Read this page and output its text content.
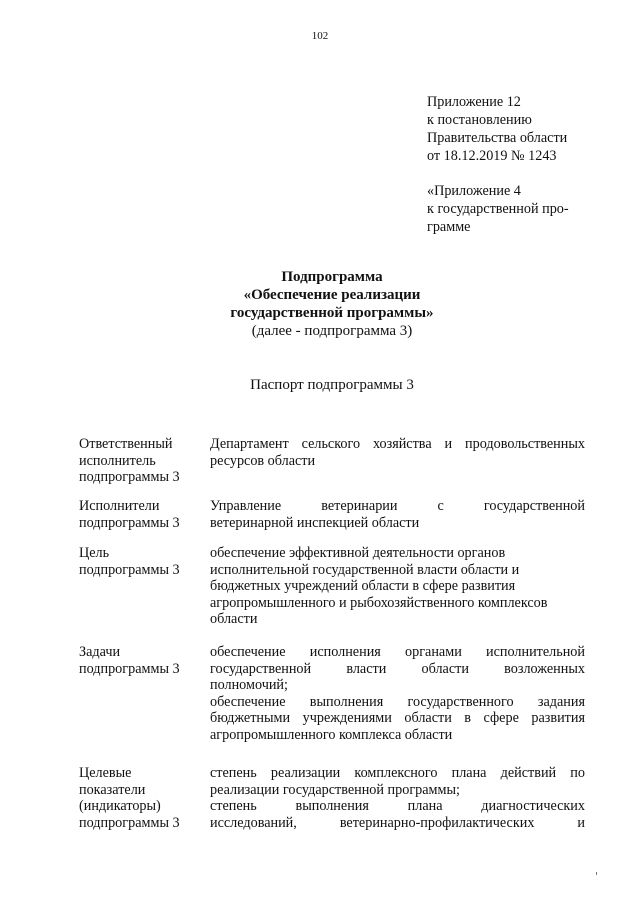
102
Приложение 12
к постановлению
Правительства области
от 18.12.2019 № 1243
«Приложение 4
к государственной про-
грамме
Подпрограмма
«Обеспечение реализации
государственной программы»
(далее - подпрограмма 3)
Паспорт подпрограммы 3
Ответственный
исполнитель
подпрограммы 3
Департамент сельского хозяйства и продовольственных
ресурсов области
Исполнители
подпрограммы 3
Управление ветеринарии с государственной
ветеринарной инспекцией области
Цель
подпрограммы 3
обеспечение эффективной деятельности органов
исполнительной государственной власти области и
бюджетных учреждений области в сфере развития
агропромышленного и рыбохозяйственного комплексов
области
Задачи
подпрограммы 3
обеспечение исполнения органами исполнительной
государственной власти области возложенных
полномочий;
обеспечение выполнения государственного задания
бюджетными учреждениями области в сфере развития
агропромышленного комплекса области
Целевые
показатели
(индикаторы)
подпрограммы 3
степень реализации комплексного плана действий по
реализации государственной программы;
степень выполнения плана диагностических
исследований, ветеринарно-профилактических и
